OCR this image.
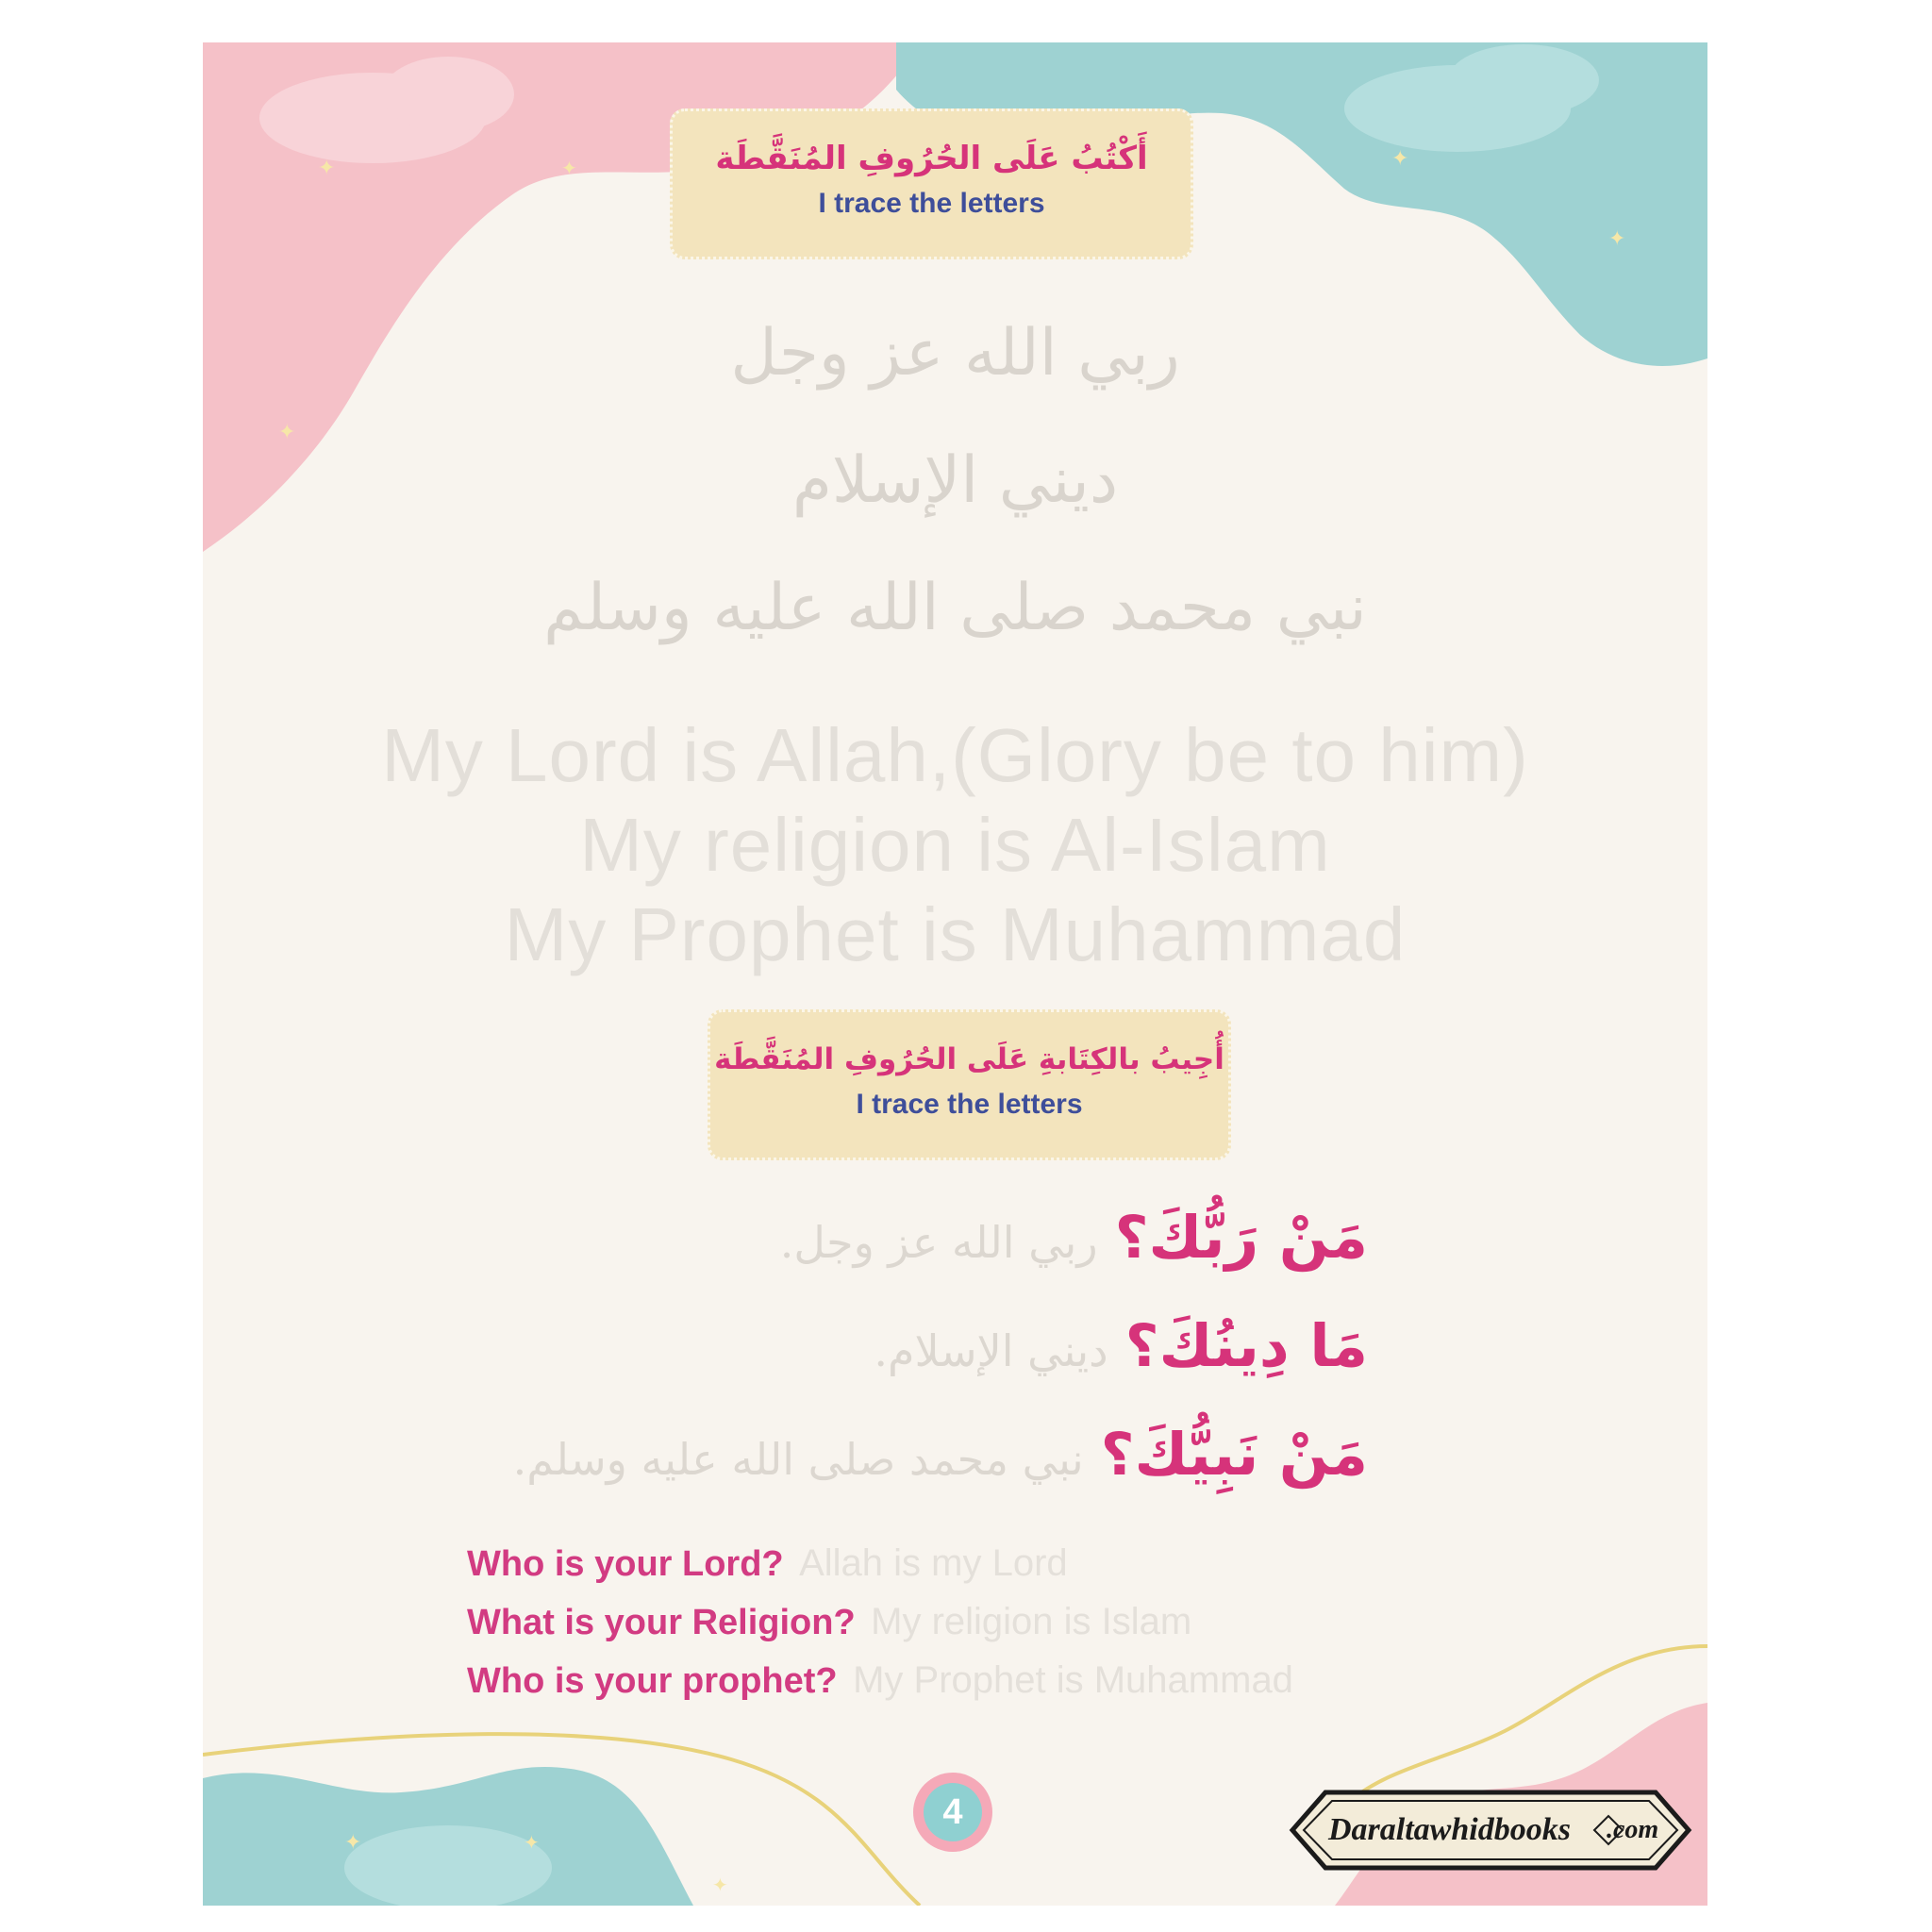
✦	✦
✦
✦
✦
✦	✦
✦
أَكْتُبُ عَلَى الحُرُوفِ المُنَقَّطَة
I trace the letters
ربي الله عز وجل
ديني الإسلام
نبي محمد صلى الله عليه وسلم
My Lord is Allah,(Glory be to him)
My religion is Al-Islam
My Prophet is Muhammad
أُجِيبُ بالكِتَابةِ عَلَى الحُرُوفِ المُنَقَّطَة
I trace the letters
مَنْ رَبُّكَ؟
ربي الله عز وجل.
مَا دِينُكَ؟
ديني الإسلام.
مَنْ نَبِيُّكَ؟
نبي محمد صلى الله عليه وسلم.
Who is your Lord? Allah is my Lord
What is your Religion? My religion is Islam
Who is your prophet? My Prophet is Muhammad
4	Daraltawhidbooks .com
